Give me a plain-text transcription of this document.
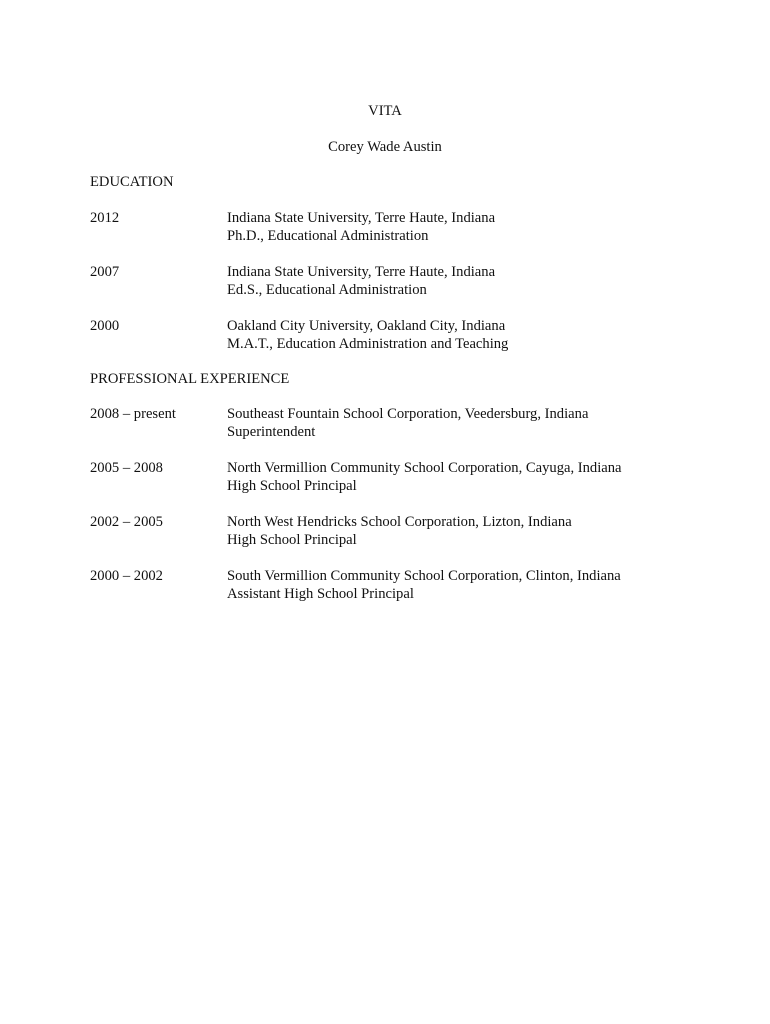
VITA
Corey Wade Austin
EDUCATION
2012	Indiana State University, Terre Haute, Indiana
Ph.D., Educational Administration
2007	Indiana State University, Terre Haute, Indiana
Ed.S., Educational Administration
2000	Oakland City University, Oakland City, Indiana
M.A.T., Education Administration and Teaching
PROFESSIONAL EXPERIENCE
2008 – present	Southeast Fountain School Corporation, Veedersburg, Indiana
Superintendent
2005 – 2008	North Vermillion Community School Corporation, Cayuga, Indiana
High School Principal
2002 – 2005	North West Hendricks School Corporation, Lizton, Indiana
High School Principal
2000 – 2002	South Vermillion Community School Corporation, Clinton, Indiana
Assistant High School Principal
